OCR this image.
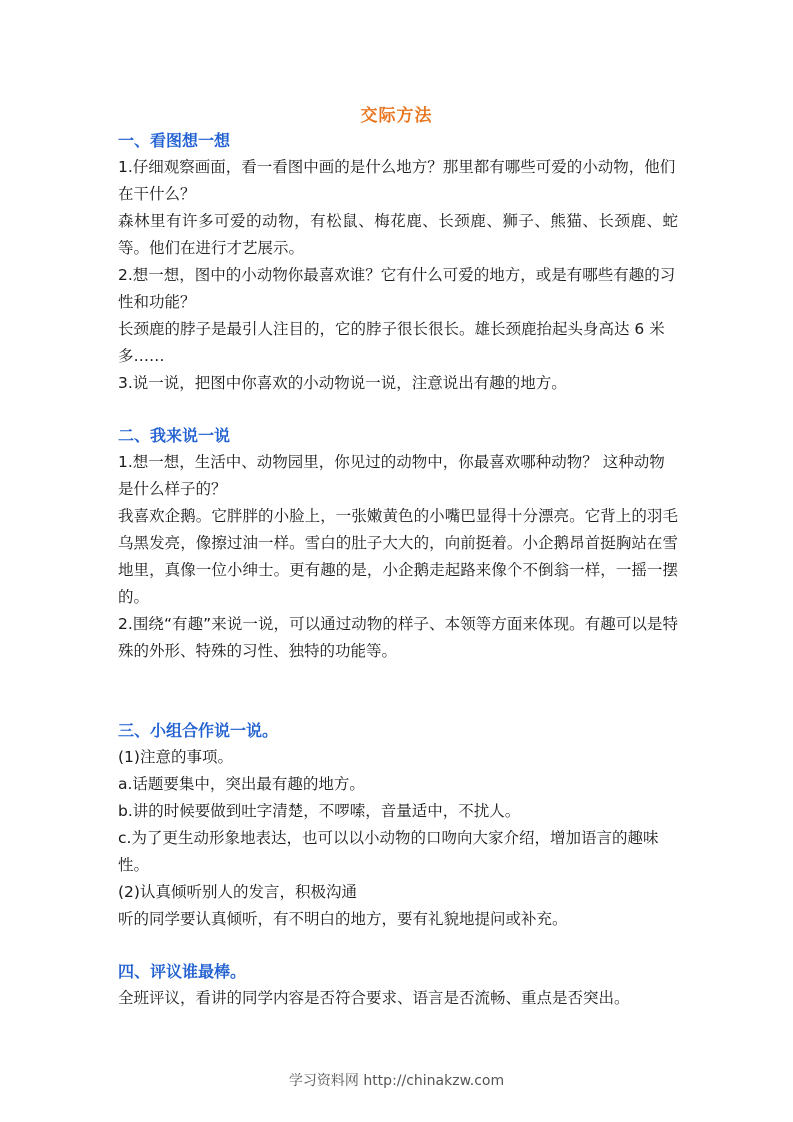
交际方法
一、看图想一想

1.仔细观察画面，看一看图中画的是什么地方？那里都有哪些可爱的小动物，他们在干什么？

森林里有许多可爱的动物，有松鼠、梅花鹿、长颈鹿、狮子、熊猫、长颈鹿、蛇等。他们在进行才艺展示。

2.想一想，图中的小动物你最喜欢谁？它有什么可爱的地方，或是有哪些有趣的习性和功能？

长颈鹿的脖子是最引人注目的，它的脖子很长很长。雄长颈鹿抬起头身高达 6 米多……

3.说一说，把图中你喜欢的小动物说一说，注意说出有趣的地方。

二、我来说一说

1.想一想，生活中、动物园里，你见过的动物中，你最喜欢哪种动物？ 这种动物是什么样子的？

我喜欢企鹅。它胖胖的小脸上，一张嫩黄色的小嘴巴显得十分漂亮。它背上的羽毛乌黑发亮，像擦过油一样。雪白的肚子大大的，向前挺着。小企鹅昂首挺胸站在雪地里，真像一位小绅士。更有趣的是，小企鹅走起路来像个不倒翁一样，一摇一摆的。

2.围绕“有趣”来说一说，可以通过动物的样子、本领等方面来体现。有趣可以是特殊的外形、特殊的习性、独特的功能等。

三、小组合作说一说。

(1)注意的事项。

a.话题要集中，突出最有趣的地方。

b.讲的时候要做到吐字清楚，不啰嗦，音量适中，不扰人。

c.为了更生动形象地表达，也可以以小动物的口吻向大家介绍，增加语言的趣味性。

(2)认真倾听别人的发言，积极沟通

听的同学要认真倾听，有不明白的地方，要有礼貌地提问或补充。

四、评议谁最棒。

全班评议，看讲的同学内容是否符合要求、语言是否流畅、重点是否突出。

学习资料网 http://chinakzw.com
